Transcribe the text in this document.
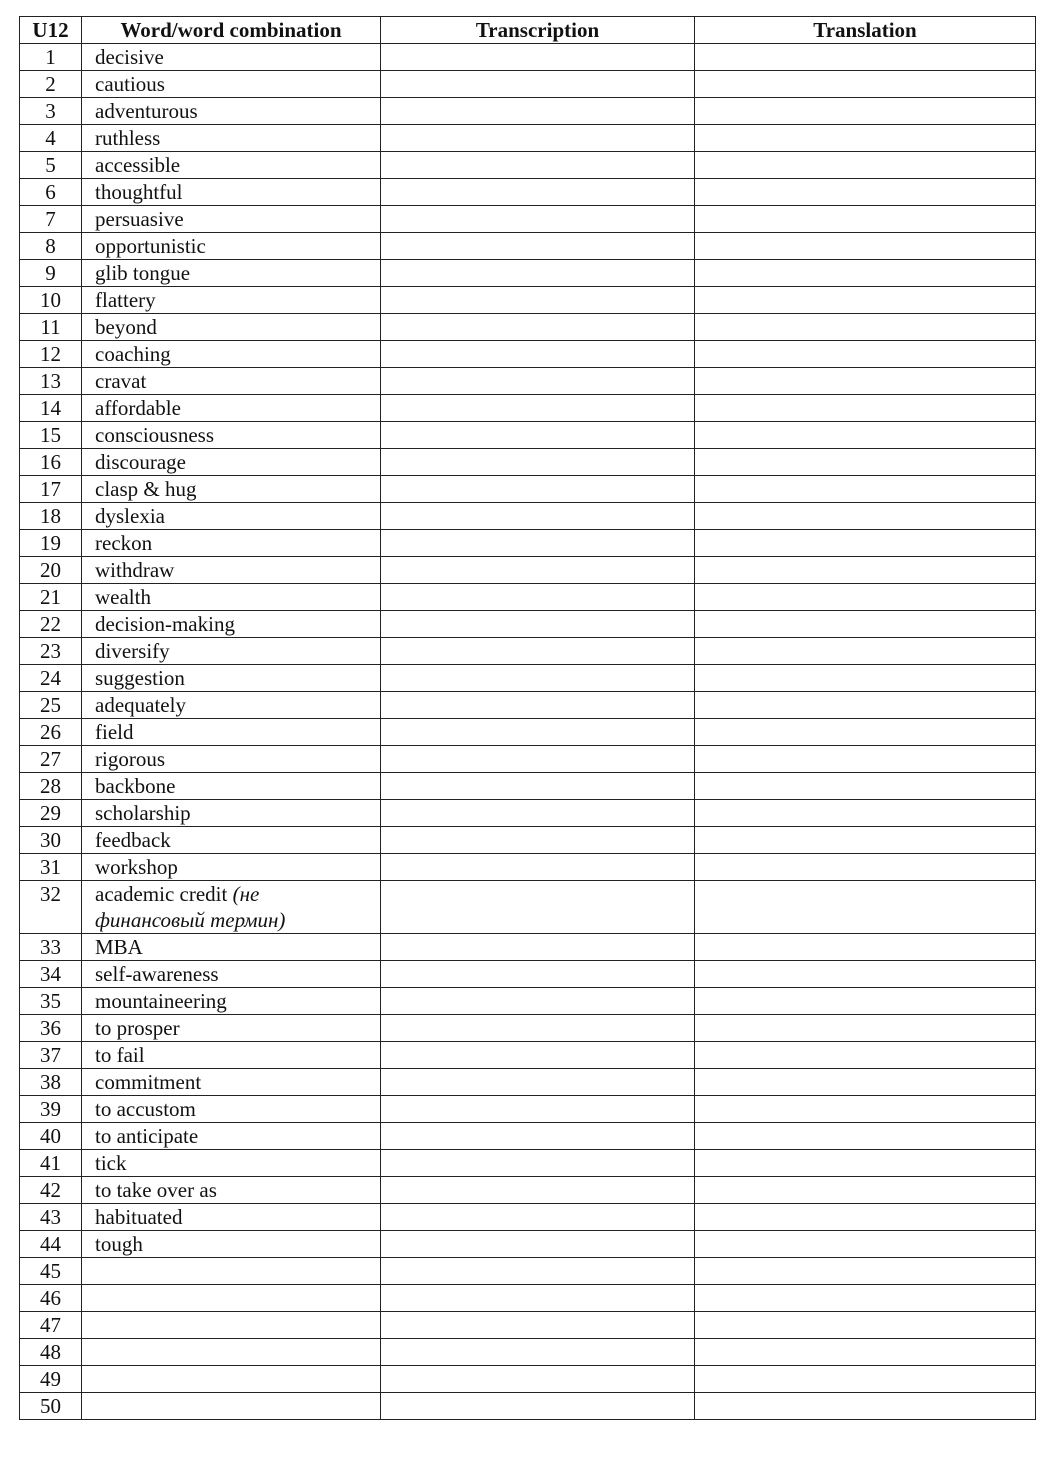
U12	Word/word combination	Transcription	Translation
1	decisive		
2	cautious		
3	adventurous		
4	ruthless		
5	accessible		
6	thoughtful		
7	persuasive		
8	opportunistic		
9	glib tongue		
10	flattery		
11	beyond		
12	coaching		
13	cravat		
14	affordable		
15	consciousness		
16	discourage		
17	clasp & hug		
18	dyslexia		
19	reckon		
20	withdraw		
21	wealth		
22	decision-making		
23	diversify		
24	suggestion		
25	adequately		
26	field		
27	rigorous		
28	backbone		
29	scholarship		
30	feedback		
31	workshop		
32	academic credit (не
финансовый термин)		
33	MBA		
34	self-awareness		
35	mountaineering		
36	to prosper		
37	to fail		
38	commitment		
39	to accustom		
40	to anticipate		
41	tick		
42	to take over as		
43	habituated		
44	tough		
45			
46			
47			
48			
49			
50			
